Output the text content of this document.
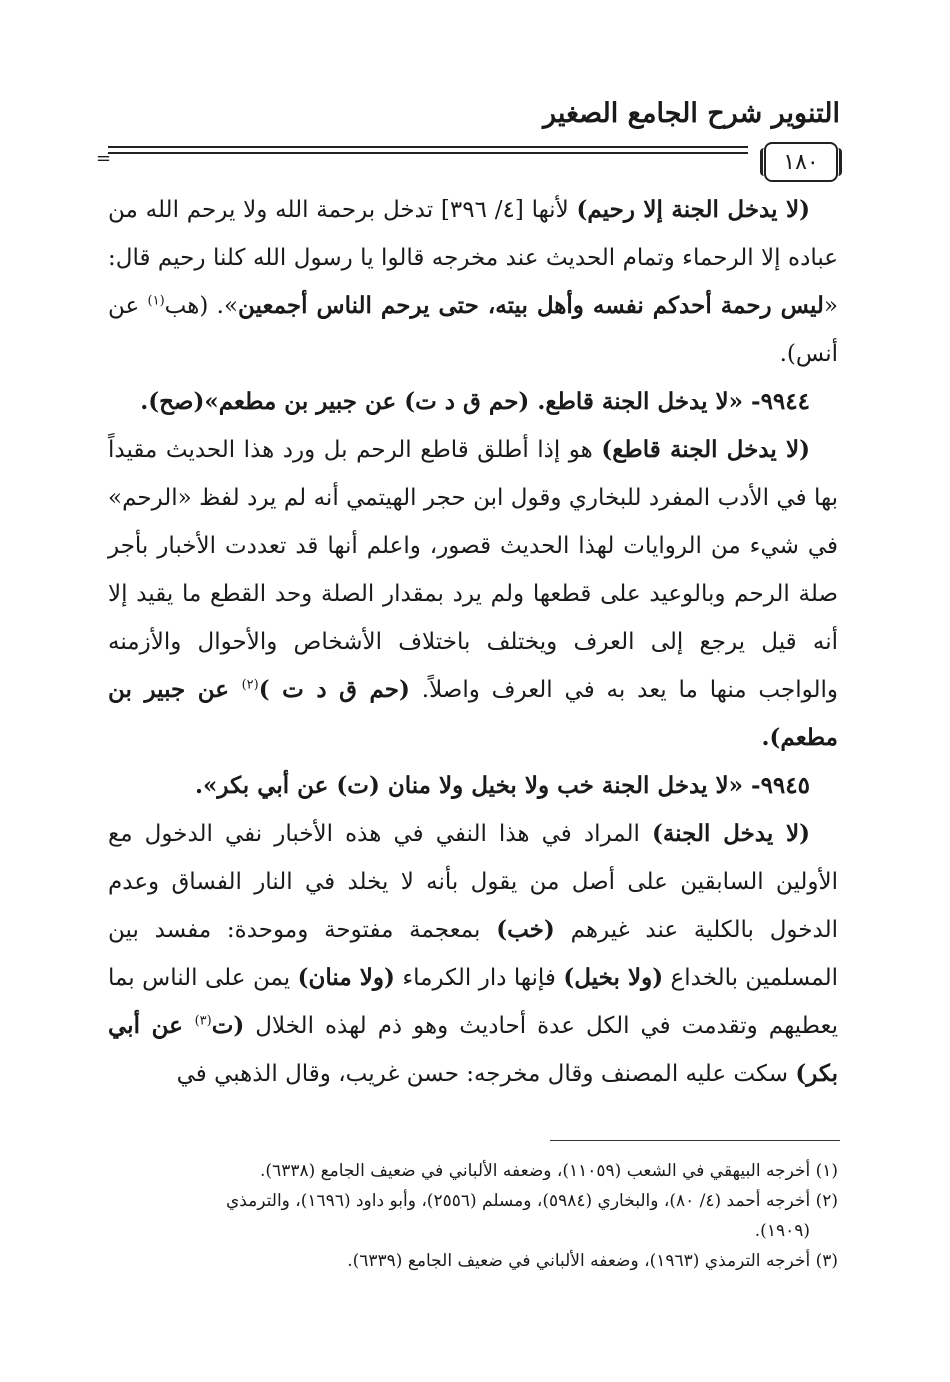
التنوير شرح الجامع الصغير
١٨٠
=

(لا يدخل الجنة إلا رحيم) لأنها [٤/ ٣٩٦] تدخل برحمة الله ولا يرحم الله من عباده إلا الرحماء وتمام الحديث عند مخرجه قالوا يا رسول الله كلنا رحيم قال: «ليس رحمة أحدكم نفسه وأهل بيته، حتى يرحم الناس أجمعين». (هب$^{(١)}$ عن أنس).

٩٩٤٤- «لا يدخل الجنة قاطع. (حم ق د ت) عن جبير بن مطعم»(صح).

(لا يدخل الجنة قاطع) هو إذا أطلق قاطع الرحم بل ورد هذا الحديث مقيداً بها في الأدب المفرد للبخاري وقول ابن حجر الهيتمي أنه لم يرد لفظ «الرحم» في شيء من الروايات لهذا الحديث قصور، واعلم أنها قد تعددت الأخبار بأجر صلة الرحم وبالوعيد على قطعها ولم يرد بمقدار الصلة وحد القطع ما يقيد إلا أنه قيل يرجع إلى العرف ويختلف باختلاف الأشخاص والأحوال والأزمنه والواجب منها ما يعد به في العرف واصلاً. (حم ق د ت )$^{(٢)}$ عن جبير بن مطعم).

٩٩٤٥- «لا يدخل الجنة خب ولا بخيل ولا منان (ت) عن أبي بكر».

(لا يدخل الجنة) المراد في هذا النفي في هذه الأخبار نفي الدخول مع الأولين السابقين على أصل من يقول بأنه لا يخلد في النار الفساق وعدم الدخول بالكلية عند غيرهم (خب) بمعجمة مفتوحة وموحدة: مفسد بين المسلمين بالخداع (ولا بخيل) فإنها دار الكرماء (ولا منان) يمن على الناس بما يعطيهم وتقدمت في الكل عدة أحاديث وهو ذم لهذه الخلال (ت$^{(٣)}$ عن أبي بكر) سكت عليه المصنف وقال مخرجه: حسن غريب، وقال الذهبي في

(١) أخرجه البيهقي في الشعب (١١٠٥٩)، وضعفه الألباني في ضعيف الجامع (٦٣٣٨).

(٢) أخرجه أحمد (٤/ ٨٠)، والبخاري (٥٩٨٤)، ومسلم (٢٥٥٦)، وأبو داود (١٦٩٦)، والترمذي

(١٩٠٩).

(٣) أخرجه الترمذي (١٩٦٣)، وضعفه الألباني في ضعيف الجامع (٦٣٣٩).
